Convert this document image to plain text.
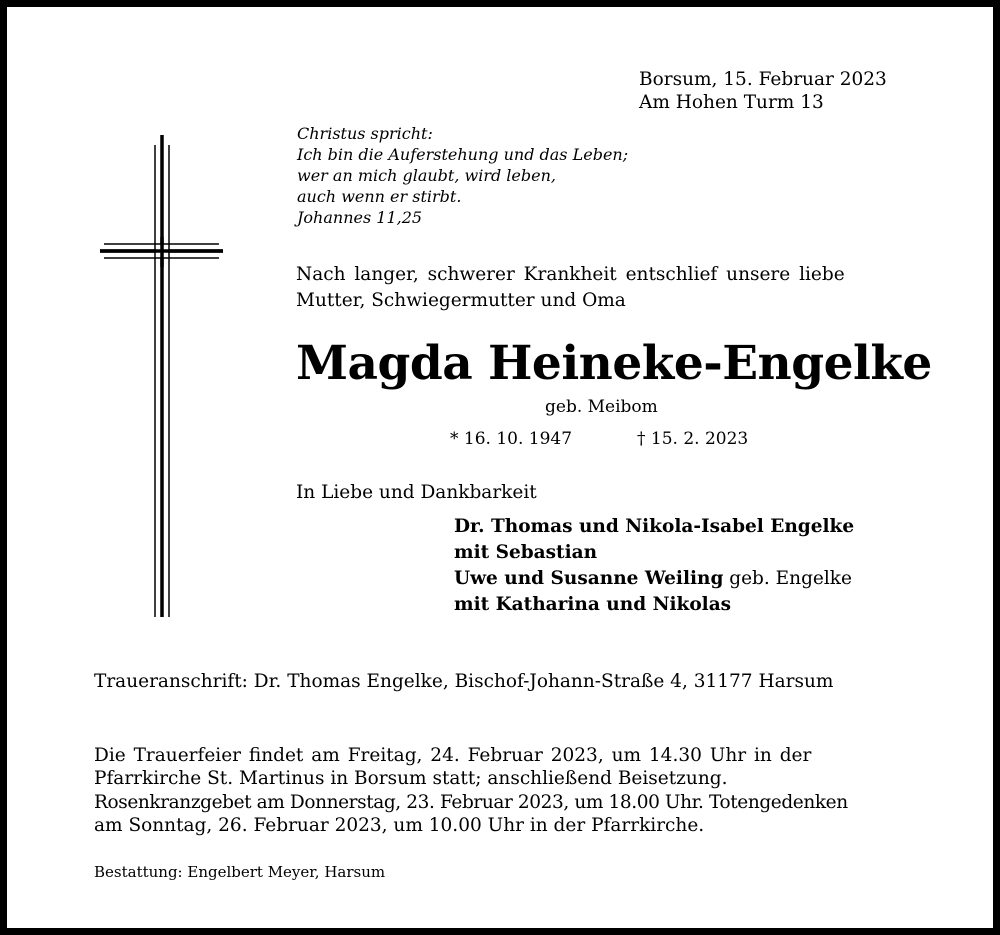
Borsum, 15. Februar 2023
Am Hohen Turm 13
Christus spricht:
Ich bin die Auferstehung und das Leben;
wer an mich glaubt, wird leben,
auch wenn er stirbt.
Johannes 11,25
Nach langer, schwerer Krankheit entschlief unsere liebe
Mutter, Schwiegermutter und Oma
Magda Heineke-Engelke
geb. Meibom
* 16. 10. 1947	† 15. 2. 2023
In Liebe und Dankbarkeit
Dr. Thomas und Nikola-Isabel Engelke
mit Sebastian
Uwe und Susanne Weiling geb. Engelke
mit Katharina und Nikolas
Traueranschrift: Dr. Thomas Engelke, Bischof-Johann-Straße 4, 31177 Harsum
Die Trauerfeier findet am Freitag, 24. Februar 2023, um 14.30 Uhr in der
Pfarrkirche St. Martinus in Borsum statt; anschließend Beisetzung.
Rosenkranzgebet am Donnerstag, 23. Februar 2023, um 18.00 Uhr. Totengedenken
am Sonntag, 26. Februar 2023, um 10.00 Uhr in der Pfarrkirche.
Bestattung: Engelbert Meyer, Harsum
